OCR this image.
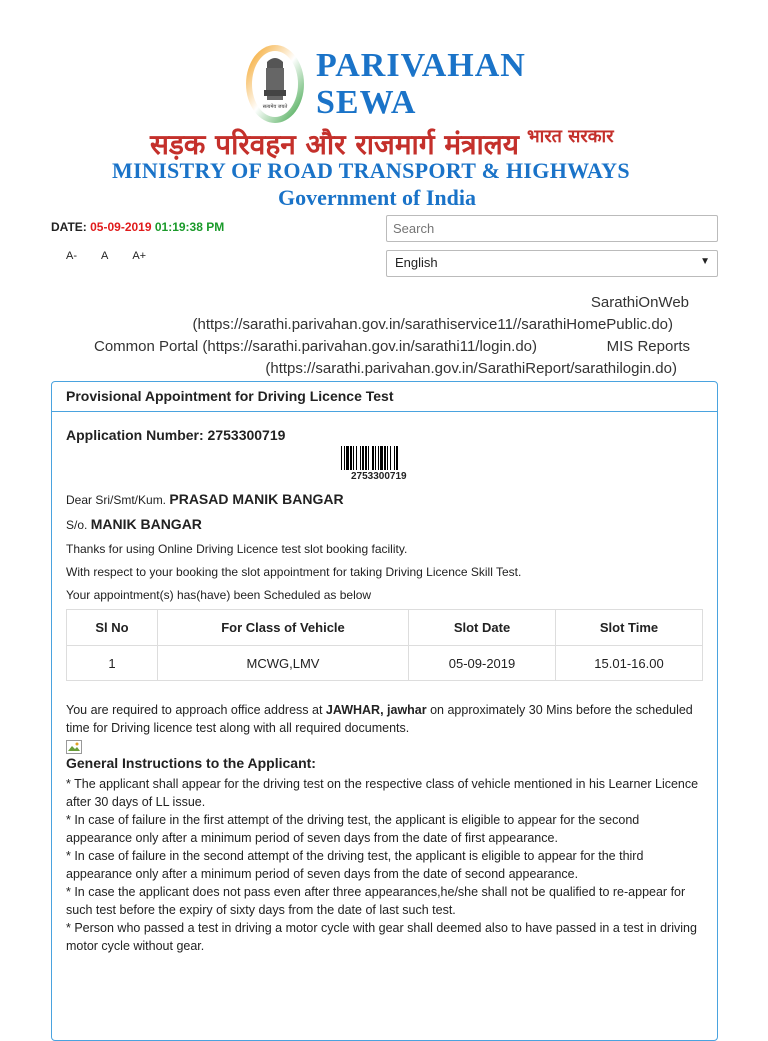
सत्यमेव जयते
PARIVAHAN
SEWA
सड़क परिवहन और राजमार्ग मंत्रालय भारत सरकार
MINISTRY OF ROAD TRANSPORT & HIGHWAYS
Government of India
DATE: 05-09-2019 01:19:38 PM
A- A A+
Search	English	▼
SarathiOnWeb
(https://sarathi.parivahan.gov.in/sarathiservice11//sarathiHomePublic.do)
Common Portal (https://sarathi.parivahan.gov.in/sarathi11/login.do)	MIS Reports
(https://sarathi.parivahan.gov.in/SarathiReport/sarathilogin.do)
Provisional Appointment for Driving Licence Test
Application Number: 2753300719
2753300719
Dear Sri/Smt/Kum. PRASAD MANIK BANGAR
S/o. MANIK BANGAR
Thanks for using Online Driving Licence test slot booking facility.
With respect to your booking the slot appointment for taking Driving Licence Skill Test.
Your appointment(s) has(have) been Scheduled as below
Sl No	For Class of Vehicle	Slot Date	Slot Time
1	MCWG,LMV	05-09-2019	15.01-16.00
You are required to approach office address at JAWHAR, jawhar on approximately 30 Mins before the scheduled time for Driving licence test along with all required documents.
General Instructions to the Applicant:

* The applicant shall appear for the driving test on the respective class of vehicle mentioned in his Learner Licence after 30 days of LL issue.

* In case of failure in the first attempt of the driving test, the applicant is eligible to appear for the second appearance only after a minimum period of seven days from the date of first appearance.

* In case of failure in the second attempt of the driving test, the applicant is eligible to appear for the third appearance only after a minimum period of seven days from the date of second appearance.

* In case the applicant does not pass even after three appearances,he/she shall not be qualified to re-appear for such test before the expiry of sixty days from the date of last such test.

* Person who passed a test in driving a motor cycle with gear shall deemed also to have passed in a test in driving motor cycle without gear.
